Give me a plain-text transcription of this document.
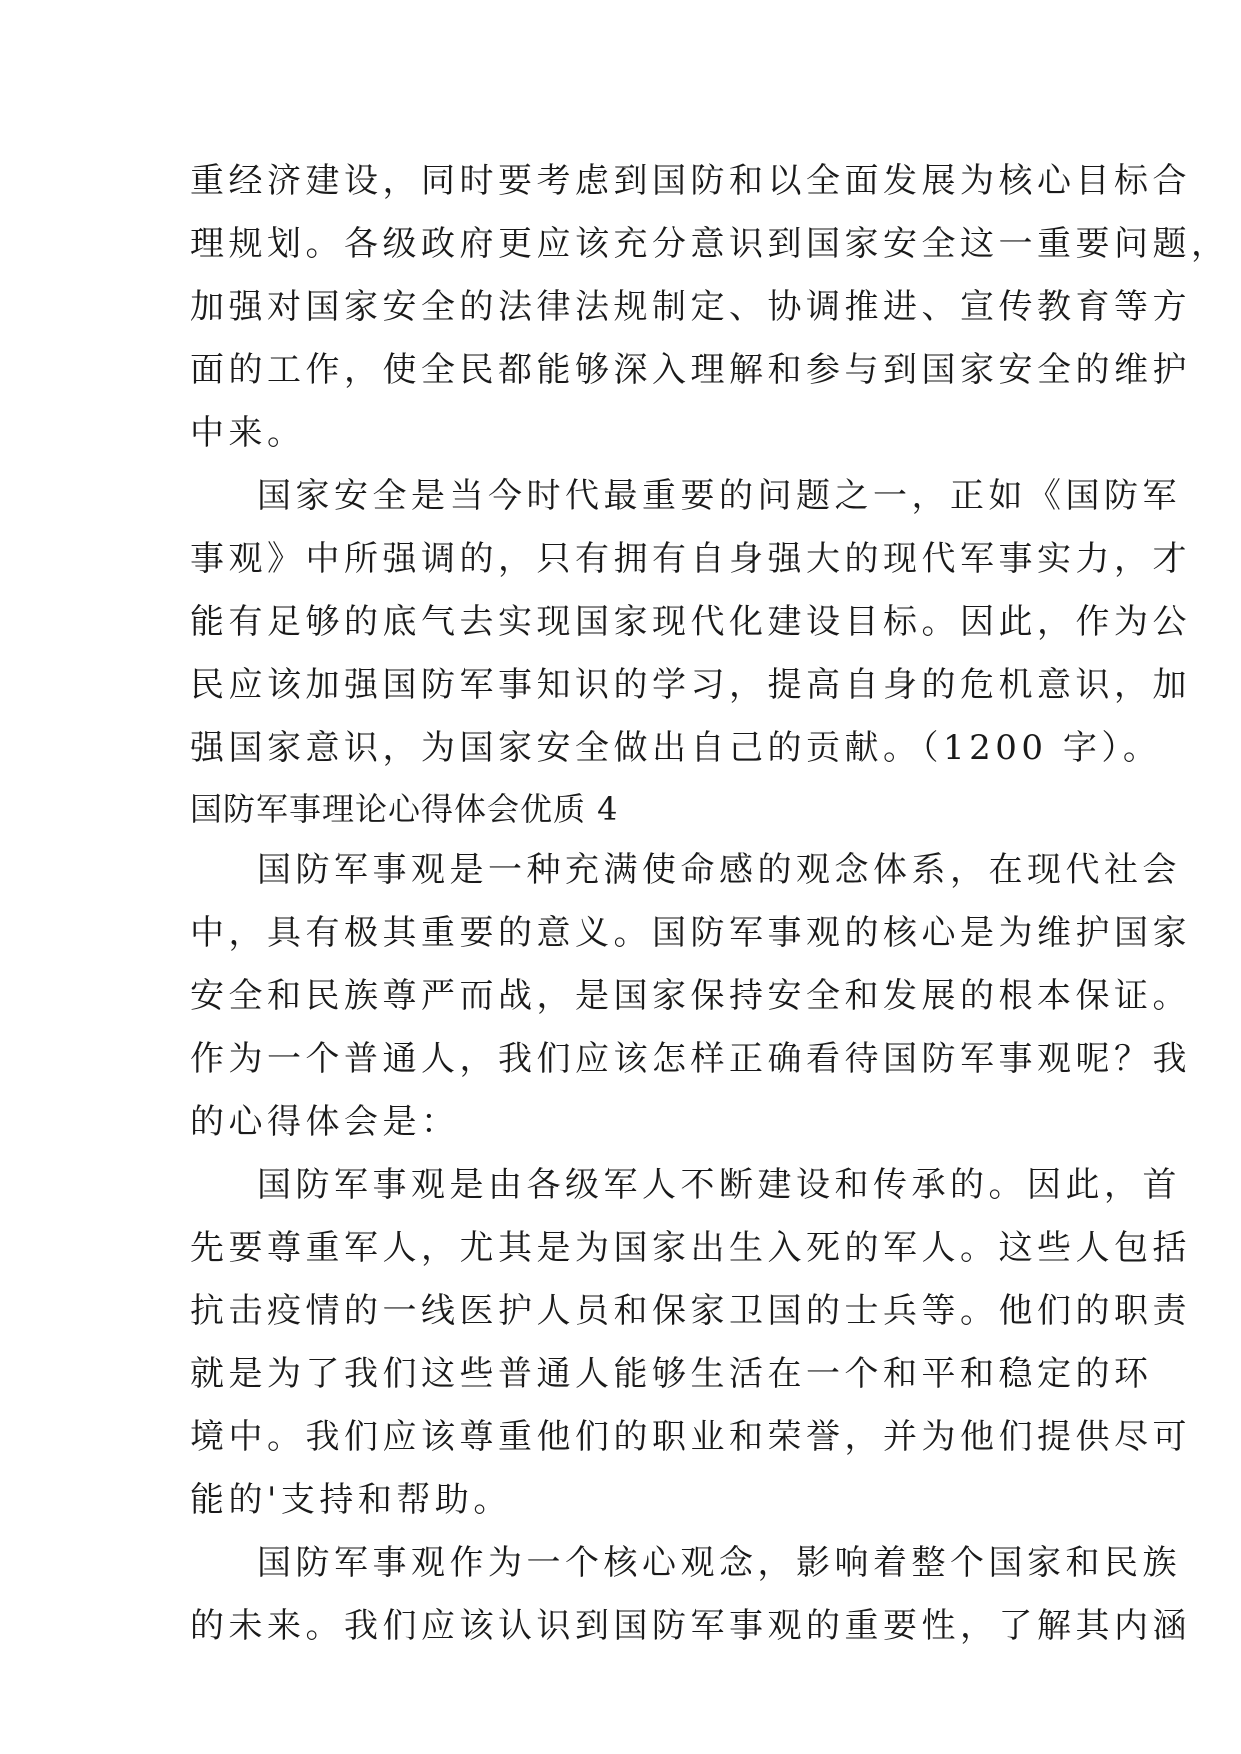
重经济建设，同时要考虑到国防和以全面发展为核心目标合
理规划。各级政府更应该充分意识到国家安全这一重要问题，
加强对国家安全的法律法规制定、协调推进、宣传教育等方
面的工作，使全民都能够深入理解和参与到国家安全的维护
中来。
国家安全是当今时代最重要的问题之一，正如《国防军
事观》中所强调的，只有拥有自身强大的现代军事实力，才
能有足够的底气去实现国家现代化建设目标。因此，作为公
民应该加强国防军事知识的学习，提高自身的危机意识，加
强国家意识，为国家安全做出自己的贡献。（1200 字）。
国防军事理论心得体会优质 4
国防军事观是一种充满使命感的观念体系，在现代社会
中，具有极其重要的意义。国防军事观的核心是为维护国家
安全和民族尊严而战，是国家保持安全和发展的根本保证。
作为一个普通人，我们应该怎样正确看待国防军事观呢？我
的心得体会是：
国防军事观是由各级军人不断建设和传承的。因此，首
先要尊重军人，尤其是为国家出生入死的军人。这些人包括
抗击疫情的一线医护人员和保家卫国的士兵等。他们的职责
就是为了我们这些普通人能够生活在一个和平和稳定的环
境中。我们应该尊重他们的职业和荣誉，并为他们提供尽可
能的'支持和帮助。
国防军事观作为一个核心观念，影响着整个国家和民族
的未来。我们应该认识到国防军事观的重要性，了解其内涵
